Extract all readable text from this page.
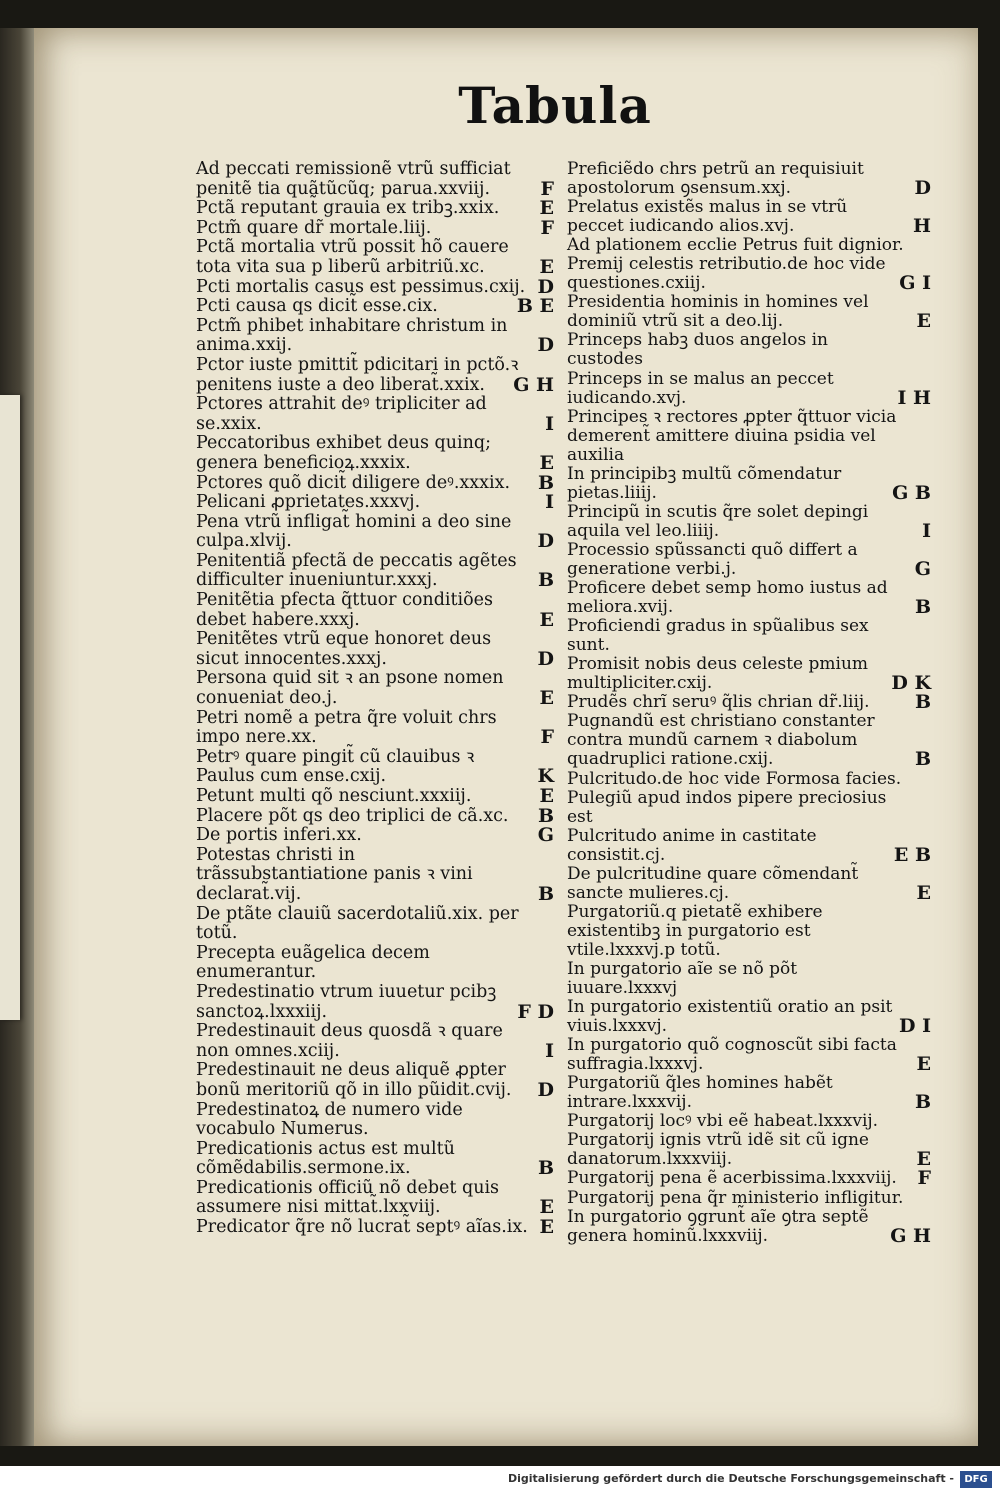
Tabula
Ad peccati remissionẽ vtrũ sufficiat penitẽ tia quãtũcũq; parua.xxviij.	F
Pctã reputant̃ grauia ex tribꝫ.xxix. E
Pctm̃ quare dr̃ mortale.liij.	F
Pctã mortalia vtrũ possit hõ cauere tota vita sua p liberũ arbitriũ.xc.	E
Pcti mortalis casus est pessimus.cxij. D
Pcti causa qs dicit̃ esse.cix.	B E
Pctm̃ phibet inhabitare christum in anima.xxij.	D
Pctor iuste pmittit̃ pdicitari in pctõ.ꝛ penitens iuste a deo liberat̃.xxix. G H
Pctores attrahit deꝰ tripliciter ad se.xxix.	I
Peccatoribus exhibet deus quinq; genera beneficioꝝ.xxxix.	E
Pctores quõ dicit̃ diligere deꝰ.xxxix. B
Pelicani ꝓprietates.xxxvj.	I
Pena vtrũ infligat̃ homini a deo sine culpa.xlvij.	D
Penitentiã pfectã de peccatis agẽtes difficulter inueniuntur.xxxj.	B
Penitẽtia pfecta q̃ttuor conditiões debet habere.xxxj.	E
Penitẽtes vtrũ eque honoret deus sicut innocentes.xxxj.	D
Persona quid sit ꝛ an psone nomen conueniat deo.j.	E
Petri nomẽ a petra q̃re voluit chrs impo nere.xx.	F
Petrꝰ quare pingit̃ cũ clauibus ꝛ Paulus cum ense.cxij.	K
Petunt multi qõ nesciunt.xxxiij.	E
Placere põt qs deo triplici de cã.xc. B
De portis inferi.xx.	G
Potestas christi in trãssubstantiatione panis ꝛ vini declarat̃.vij.	B
De ptãte clauiũ sacerdotaliũ.xix. per totũ.
Precepta euãgelica decem enumerantur.
Predestinatio vtrum iuuetur pcibꝫ sanctoꝝ.lxxxiij.	F D
Predestinauit deus quosdã ꝛ quare non omnes.xciij.	I
Predestinauit ne deus aliquẽ ꝓpter bonũ meritoriũ qõ in illo pũidit.cvij. D
Predestinatoꝝ de numero vide vocabulo Numerus.
Predicationis actus est multũ cõmẽdabilis.sermone.ix.	B
Predicationis officiũ nõ debet quis assumere nisi mittat̃.lxxviij.	E
Predicator q̃re nõ lucrat̃ septꝰ aĩas.ix. E
Preficiẽdo chrs petrũ an requisiuit apostolorum ꝯsensum.xxj.	D
Prelatus existẽs malus in se vtrũ peccet iudicando alios.xvj.	H
Ad plationem ecclie Petrus fuit dignior.
Premij celestis retributio.de hoc vide questiones.cxiij.	G I
Presidentia hominis in homines vel dominiũ vtrũ sit a deo.lij.	E
Princeps habꝫ duos angelos in custodes
Princeps in se malus an peccet iudicando.xvj.	I H
Principes ꝛ rectores ꝓpter q̃ttuor vicia demerent̃ amittere diuina psidia vel auxilia
In principibꝫ multũ cõmendatur pietas.liiij.	G B
Principũ in scutis q̃re solet depingi aquila vel leo.liiij.	I
Processio spũssancti quõ differt a generatione verbi.j.	G
Proficere debet semp homo iustus ad meliora.xvij.	B
Proficiendi gradus in spũalibus sex sunt.
Promisit nobis deus celeste pmium multipliciter.cxij.	D K
Prudẽs chrĩ seruꝰ q̃lis chrian dr̃.liij. B
Pugnandũ est christiano constanter contra mundũ carnem ꝛ diabolum quadruplici ratione.cxij.	B
Pulcritudo.de hoc vide Formosa facies.
Pulegiũ apud indos pipere preciosius est
Pulcritudo anime in castitate consistit.cj.	E B
De pulcritudine quare cõmendant̃ sancte mulieres.cj.	E
Purgatoriũ.q pietatẽ exhibere existentibꝫ in purgatorio est vtile.lxxxvj.p totũ.
In purgatorio aĩe se nõ põt iuuare.lxxxvj
In purgatorio existentiũ oratio an psit viuis.lxxxvj.	D I
In purgatorio quõ cognoscũt sibi facta suffragia.lxxxvj.	E
Purgatoriũ q̃les homines habẽt intrare.lxxxvij.	B
Purgatorij locꝰ vbi eẽ habeat.lxxxvij.
Purgatorij ignis vtrũ idẽ sit cũ igne danatorum.lxxxviij.	E
Purgatorij pena ẽ acerbissima.lxxxviij. F
Purgatorij pena q̃r ministerio infligitur.
In purgatorio ꝯgrunt̃ aĩe ꝯtra septẽ genera hominũ.lxxxviij.	G H
Digitalisierung gefördert durch die Deutsche Forschungsgemeinschaft -	DFG
